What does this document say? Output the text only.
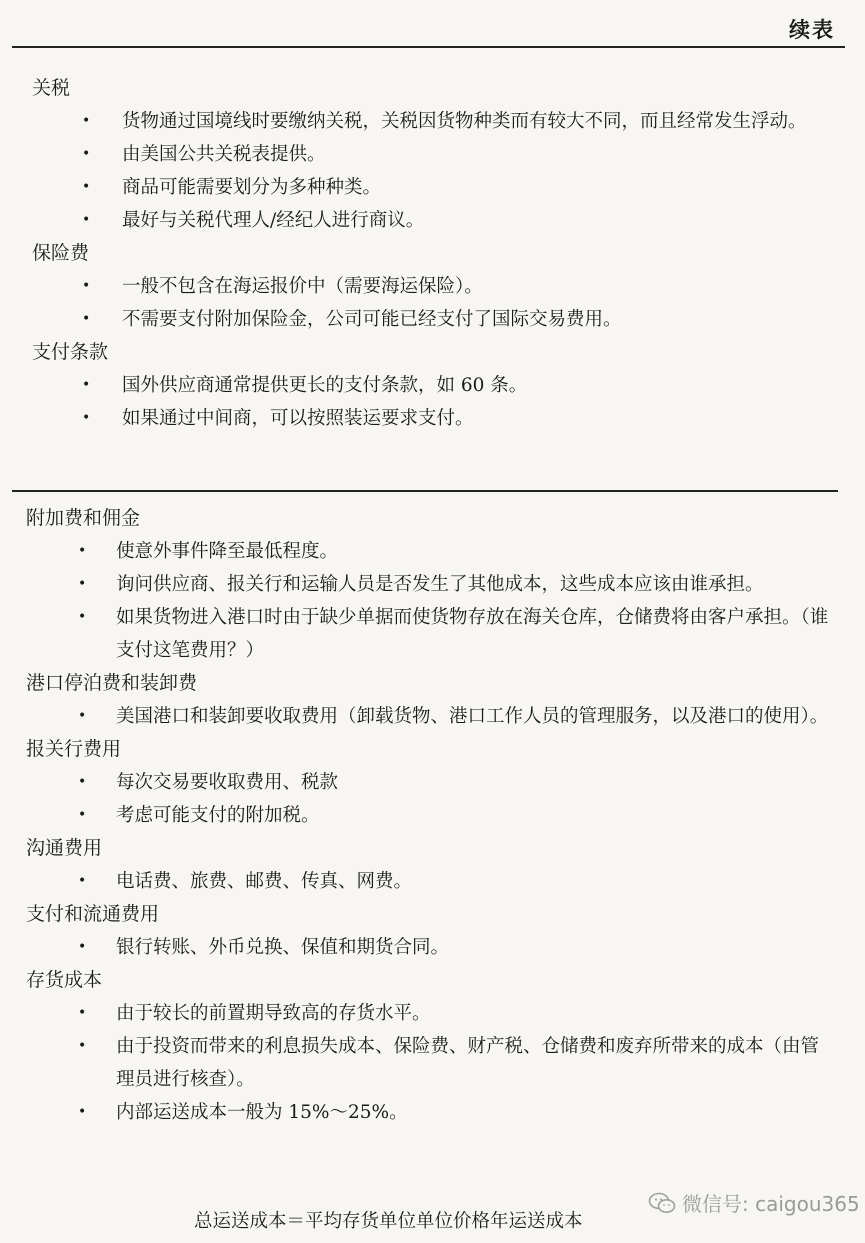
续表

关税

• 货物通过国境线时要缴纳关税，关税因货物种类而有较大不同，而且经常发生浮动。
• 由美国公共关税表提供。
• 商品可能需要划分为多种种类。
• 最好与关税代理人/经纪人进行商议。

保险费

• 一般不包含在海运报价中（需要海运保险）。
• 不需要支付附加保险金，公司可能已经支付了国际交易费用。

支付条款

• 国外供应商通常提供更长的支付条款，如 60 条。
• 如果通过中间商，可以按照装运要求支付。

附加费和佣金

• 使意外事件降至最低程度。
• 询问供应商、报关行和运输人员是否发生了其他成本，这些成本应该由谁承担。
• 如果货物进入港口时由于缺少单据而使货物存放在海关仓库，仓储费将由客户承担。（谁支付这笔费用？）

港口停泊费和装卸费

• 美国港口和装卸要收取费用（卸载货物、港口工作人员的管理服务，以及港口的使用）。

报关行费用

• 每次交易要收取费用、税款
• 考虑可能支付的附加税。

沟通费用

• 电话费、旅费、邮费、传真、网费。

支付和流通费用

• 银行转账、外币兑换、保值和期货合同。

存货成本

• 由于较长的前置期导致高的存货水平。
• 由于投资而带来的利息损失成本、保险费、财产税、仓储费和废弃所带来的成本（由管理员进行核查）。
• 内部运送成本一般为 15%～25%。
总运送成本＝平均存货单位单位价格年运送成本
微信号: caigou365
